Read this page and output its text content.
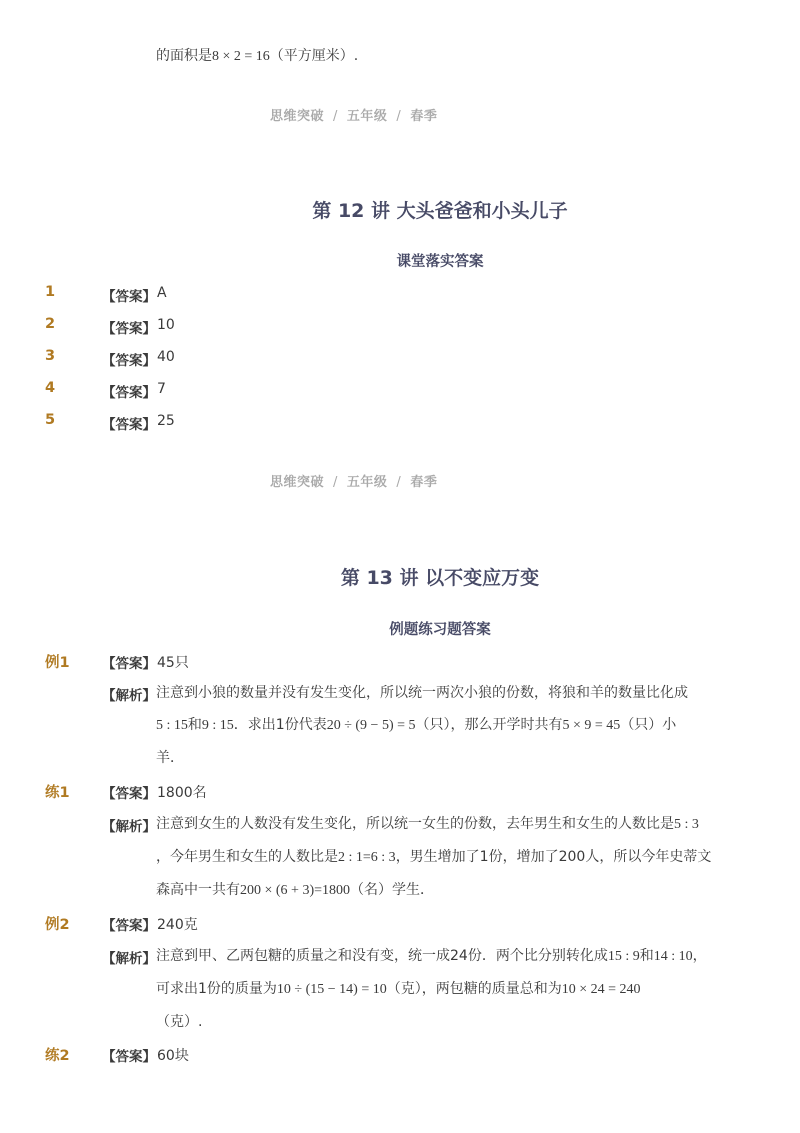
的面积是8 × 2 = 16（平方厘米）.
思维突破 / 五年级 / 春季
第 12 讲 大头爸爸和小头儿子
课堂落实答案
1	【答案】 A
2	【答案】 10
3	【答案】 40
4	【答案】 7
5	【答案】 25
思维突破 / 五年级 / 春季
第 13 讲 以不变应万变
例题练习题答案
例1 【答案】 45只
【解析】 注意到小狼的数量并没有发生变化，所以统一两次小狼的份数，将狼和羊的数量比化成
5 : 15和9 : 15．求出1份代表20 ÷ (9 − 5) = 5（只），那么开学时共有5 × 9 = 45（只）小
羊．
练1 【答案】 1800名
【解析】 注意到女生的人数没有发生变化，所以统一女生的份数，去年男生和女生的人数比是5 : 3
，今年男生和女生的人数比是2 : 1=6 : 3，男生增加了1份，增加了200人，所以今年史蒂文
森高中一共有200 × (6 + 3)=1800（名）学生．
例2 【答案】 240克
【解析】 注意到甲、乙两包糖的质量之和没有变，统一成24份．两个比分别转化成15 : 9和14 : 10，
可求出1份的质量为10 ÷ (15 − 14) = 10（克），两包糖的质量总和为10 × 24 = 240
（克）.
练2 【答案】 60块
